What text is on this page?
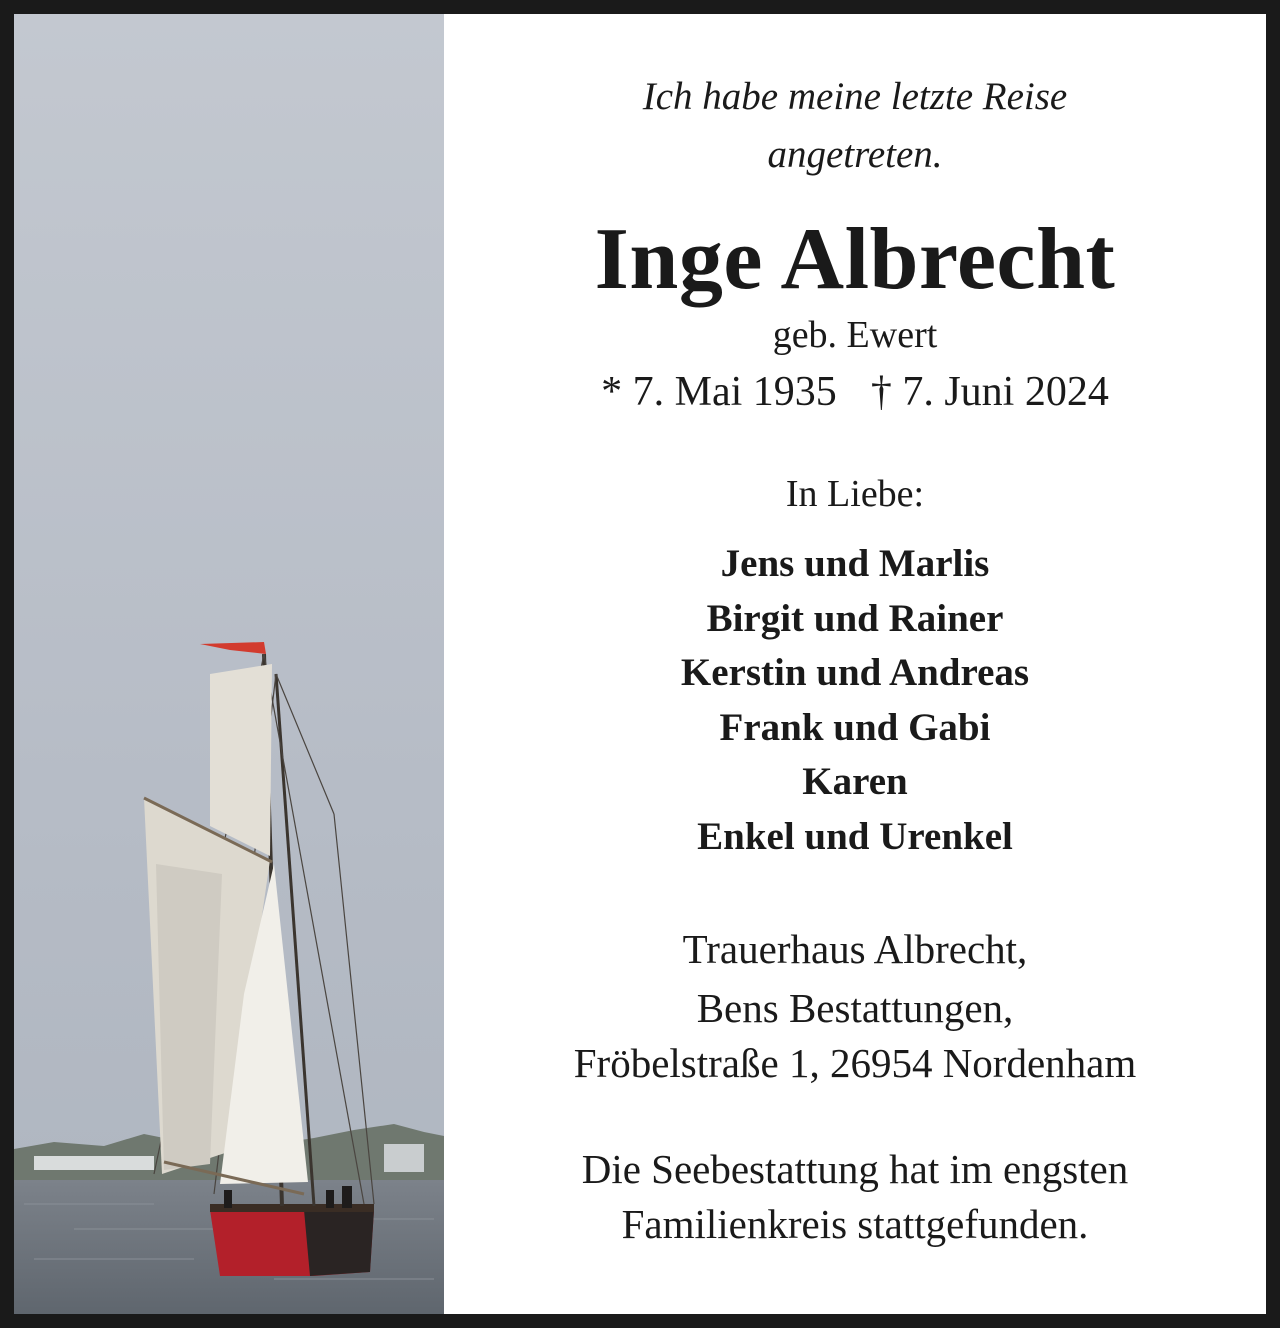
Ich habe meine letzte Reise

angetreten.

Inge Albrecht

geb. Ewert

* 7. Mai 1935 † 7. Juni 2024

In Liebe:

Jens und Marlis

Birgit und Rainer

Kerstin und Andreas

Frank und Gabi

Karen

Enkel und Urenkel

Trauerhaus Albrecht,

Bens Bestattungen,

Fröbelstraße 1, 26954 Nordenham

Die Seebestattung hat im engsten

Familienkreis stattgefunden.
